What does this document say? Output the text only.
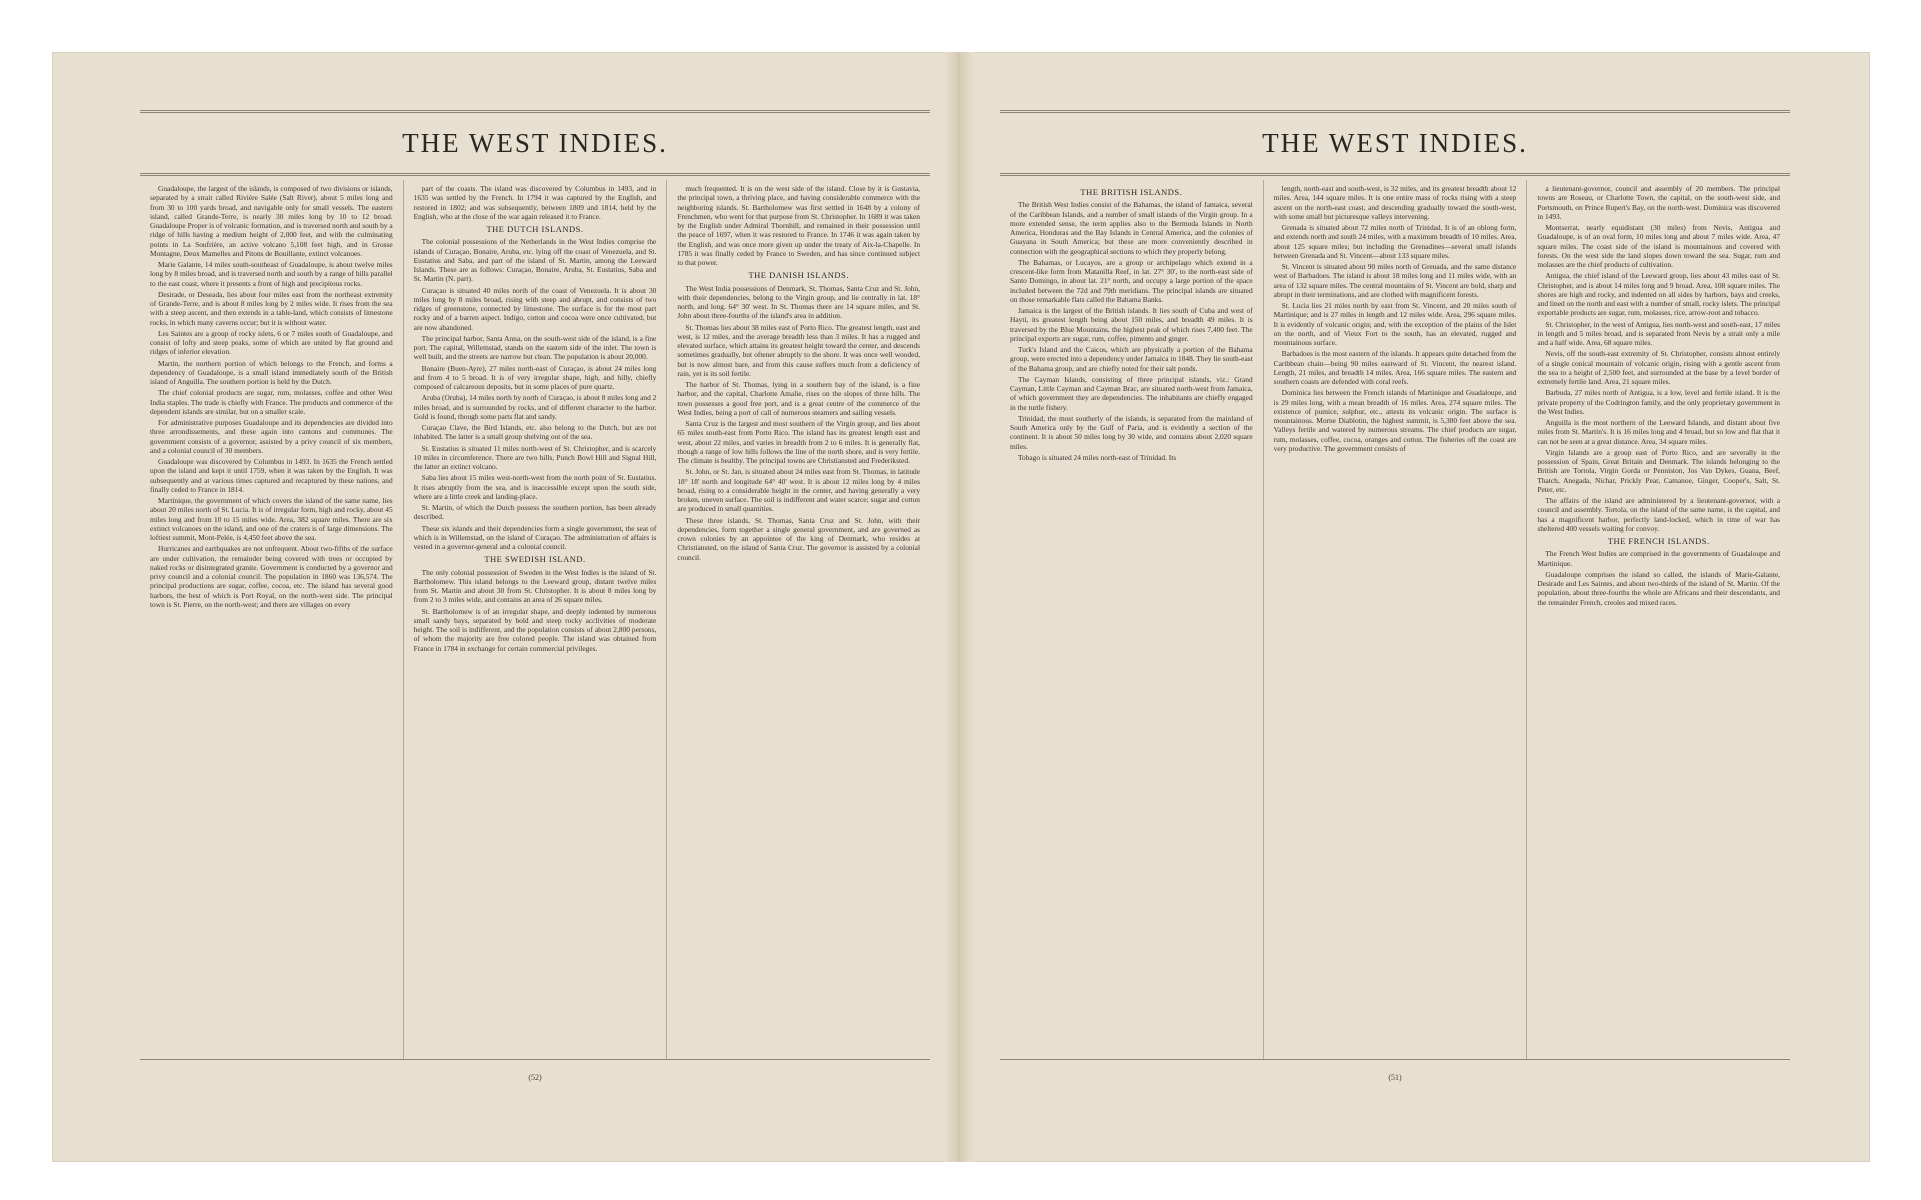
THE WEST INDIES.

Guadaloupe, the largest of the islands, is composed of two divisions or islands, separated by a strait called Rivière Salée (Salt River), about 5 miles long and from 30 to 100 yards broad, and navigable only for small vessels. The eastern island, called Grande-Terre, is nearly 30 miles long by 10 to 12 broad. Guadaloupe Proper is of volcanic formation, and is traversed north and south by a ridge of hills having a medium height of 2,000 feet, and with the culminating points in La Soufrière, an active volcano 5,108 feet high, and in Grosse Montagne, Deux Mamelles and Pitons de Bouillante, extinct volcanoes.

Marie Galante, 14 miles south-southeast of Guadaloupe, is about twelve miles long by 8 miles broad, and is traversed north and south by a range of hills parallel to the east coast, where it presents a front of high and precipitous rocks.

Desirade, or Deseada, lies about four miles east from the northeast extremity of Grande-Terre, and is about 8 miles long by 2 miles wide. It rises from the sea with a steep ascent, and then extends in a table-land, which consists of limestone rocks, in which many caverns occur; but it is without water.

Les Saintes are a group of rocky islets, 6 or 7 miles south of Guadaloupe, and consist of lofty and steep peaks, some of which are united by flat ground and ridges of inferior elevation.

Martin, the northern portion of which belongs to the French, and forms a dependency of Guadaloupe, is a small island immediately south of the British island of Anguilla. The southern portion is held by the Dutch.

The chief colonial products are sugar, rum, molasses, coffee and other West India staples. The trade is chiefly with France. The products and commerce of the dependent islands are similar, but on a smaller scale.

For administrative purposes Guadaloupe and its dependencies are divided into three arrondissements, and these again into cantons and communes. The government consists of a governor, assisted by a privy council of six members, and a colonial council of 30 members.

Guadaloupe was discovered by Columbus in 1493. In 1635 the French settled upon the island and kept it until 1759, when it was taken by the English. It was subsequently and at various times captured and recaptured by these nations, and finally ceded to France in 1814.

Martinique, the government of which covers the island of the same name, lies about 20 miles north of St. Lucia. It is of irregular form, high and rocky, about 45 miles long and from 10 to 15 miles wide. Area, 382 square miles. There are six extinct volcanoes on the island, and one of the craters is of large dimensions. The loftiest summit, Mont-Pelée, is 4,450 feet above the sea.

Hurricanes and earthquakes are not unfrequent. About two-fifths of the surface are under cultivation, the remainder being covered with trees or occupied by naked rocks or disintegrated granite. Government is conducted by a governor and privy council and a colonial council. The population in 1860 was 136,574. The principal productions are sugar, coffee, cocoa, etc. The island has several good harbors, the best of which is Port Royal, on the north-west side. The principal town is St. Pierre, on the north-west; and there are villages on every

part of the coasts. The island was discovered by Columbus in 1493, and in 1635 was settled by the French. In 1794 it was captured by the English, and restored in 1802; and was subsequently, between 1809 and 1814, held by the English, who at the close of the war again released it to France.

THE DUTCH ISLANDS.

The colonial possessions of the Netherlands in the West Indies comprise the islands of Curaçao, Bonaire, Aruba, etc. lying off the coast of Venezuela, and St. Eustatius and Saba, and part of the island of St. Martin, among the Leeward Islands. These are as follows: Curaçao, Bonaire, Aruba, St. Eustatius, Saba and St. Martin (N. part).

Curaçao is situated 40 miles north of the coast of Venezuela. It is about 30 miles long by 8 miles broad, rising with steep and abrupt, and consists of two ridges of greenstone, connected by limestone. The surface is for the most part rocky and of a barren aspect. Indigo, cotton and cocoa were once cultivated, but are now abandoned.

The principal harbor, Santa Anna, on the south-west side of the island, is a fine port. The capital, Willemstad, stands on the eastern side of the inlet. The town is well built, and the streets are narrow but clean. The population is about 20,000.

Bonaire (Buen-Ayre), 27 miles north-east of Curaçao, is about 24 miles long and from 4 to 5 broad. It is of very irregular shape, high, and hilly, chiefly composed of calcareous deposits, but in some places of pure quartz.

Aruba (Oruba), 14 miles north by north of Curaçao, is about 8 miles long and 2 miles broad, and is surrounded by rocks, and of different character to the harbor. Gold is found, though some parts flat and sandy.

Curaçao Clave, the Bird Islands, etc. also belong to the Dutch, but are not inhabited. The latter is a small group shelving out of the sea.

St. Eustatius is situated 11 miles north-west of St. Christopher, and is scarcely 10 miles in circumference. There are two hills, Punch Bowl Hill and Signal Hill, the latter an extinct volcano.

Saba lies about 15 miles west-north-west from the north point of St. Eustatius. It rises abruptly from the sea, and is inaccessible except upon the south side, where are a little creek and landing-place.

St. Martin, of which the Dutch possess the southern portion, has been already described.

These six islands and their dependencies form a single government, the seat of which is in Willemstad, on the island of Curaçao. The administration of affairs is vested in a governor-general and a colonial council.

THE SWEDISH ISLAND.

The only colonial possession of Sweden in the West Indies is the island of St. Bartholomew. This island belongs to the Leeward group, distant twelve miles from St. Martin and about 30 from St. Christopher. It is about 8 miles long by from 2 to 3 miles wide, and contains an area of 26 square miles.

St. Bartholomew is of an irregular shape, and deeply indented by numerous small sandy bays, separated by bold and steep rocky acclivities of moderate height. The soil is indifferent, and the population consists of about 2,800 persons, of whom the majority are free colored people. The island was obtained from France in 1784 in exchange for certain commercial privileges.

much frequented. It is on the west side of the island. Close by it is Gustavia, the principal town, a thriving place, and having considerable commerce with the neighboring islands. St. Bartholomew was first settled in 1648 by a colony of Frenchmen, who went for that purpose from St. Christopher. In 1689 it was taken by the English under Admiral Thornhill, and remained in their possession until the peace of 1697, when it was restored to France. In 1746 it was again taken by the English, and was once more given up under the treaty of Aix-la-Chapelle. In 1785 it was finally ceded by France to Sweden, and has since continued subject to that power.

THE DANISH ISLANDS.

The West India possessions of Denmark, St. Thomas, Santa Cruz and St. John, with their dependencies, belong to the Virgin group, and lie centrally in lat. 18° north, and long. 64° 30' west. In St. Thomas there are 14 square miles, and St. John about three-fourths of the island's area in addition.

St. Thomas lies about 38 miles east of Porto Rico. The greatest length, east and west, is 12 miles, and the average breadth less than 3 miles. It has a rugged and elevated surface, which attains its greatest height toward the center, and descends sometimes gradually, but oftener abruptly to the shore. It was once well wooded, but is now almost bare, and from this cause suffers much from a deficiency of rain, yet is its soil fertile.

The harbor of St. Thomas, lying in a southern bay of the island, is a fine harbor, and the capital, Charlotte Amalie, rises on the slopes of three hills. The town possesses a good free port, and is a great centre of the commerce of the West Indies, being a port of call of numerous steamers and sailing vessels.

Santa Cruz is the largest and most southern of the Virgin group, and lies about 65 miles south-east from Porto Rico. The island has its greatest length east and west, about 22 miles, and varies in breadth from 2 to 6 miles. It is generally flat, though a range of low hills follows the line of the north shore, and is very fertile. The climate is healthy. The principal towns are Christiansted and Frederiksted.

St. John, or St. Jan, is situated about 24 miles east from St. Thomas, in latitude 18° 18' north and longitude 64° 40' west. It is about 12 miles long by 4 miles broad, rising to a considerable height in the center, and having generally a very broken, uneven surface. The soil is indifferent and water scarce; sugar and cotton are produced in small quantities.

These three islands, St. Thomas, Santa Cruz and St. John, with their dependencies, form together a single general government, and are governed as crown colonies by an appointee of the king of Denmark, who resides at Christiansted, on the island of Santa Cruz. The governor is assisted by a colonial council.

(52)
THE WEST INDIES.
THE BRITISH ISLANDS.

The British West Indies consist of the Bahamas, the island of Jamaica, several of the Caribbean Islands, and a number of small islands of the Virgin group. In a more extended sense, the term applies also to the Bermuda Islands in North America, Honduras and the Bay Islands in Central America, and the colonies of Guayana in South America; but these are more conveniently described in connection with the geographical sections to which they properly belong.

The Bahamas, or Lucayos, are a group or archipelago which extend in a crescent-like form from Matanilla Reef, in lat. 27° 30', to the north-east side of Santo Domingo, in about lat. 21° north, and occupy a large portion of the space included between the 72d and 79th meridians. The principal islands are situated on those remarkable flats called the Bahama Banks.

Jamaica is the largest of the British islands. It lies south of Cuba and west of Hayti, its greatest length being about 150 miles, and breadth 49 miles. It is traversed by the Blue Mountains, the highest peak of which rises 7,400 feet. The principal exports are sugar, rum, coffee, pimento and ginger.

Turk's Island and the Caicos, which are physically a portion of the Bahama group, were erected into a dependency under Jamaica in 1848. They lie south-east of the Bahama group, and are chiefly noted for their salt ponds.

The Cayman Islands, consisting of three principal islands, viz.: Grand Cayman, Little Cayman and Cayman Brac, are situated north-west from Jamaica, of which government they are dependencies. The inhabitants are chiefly engaged in the turtle fishery.

Trinidad, the most southerly of the islands, is separated from the mainland of South America only by the Gulf of Paria, and is evidently a section of the continent. It is about 50 miles long by 30 wide, and contains about 2,020 square miles.

Tobago is situated 24 miles north-east of Trinidad. Its

length, north-east and south-west, is 32 miles, and its greatest breadth about 12 miles. Area, 144 square miles. It is one entire mass of rocks rising with a steep ascent on the north-east coast, and descending gradually toward the south-west, with some small but picturesque valleys intervening.

Grenada is situated about 72 miles north of Trinidad. It is of an oblong form, and extends north and south 24 miles, with a maximum breadth of 10 miles. Area, about 125 square miles; but including the Grenadines—several small islands between Grenada and St. Vincent—about 133 square miles.

St. Vincent is situated about 90 miles north of Grenada, and the same distance west of Barbadoes. The island is about 18 miles long and 11 miles wide, with an area of 132 square miles. The central mountains of St. Vincent are bold, sharp and abrupt in their terminations, and are clothed with magnificent forests.

St. Lucia lies 21 miles north by east from St. Vincent, and 20 miles south of Martinique; and is 27 miles in length and 12 miles wide. Area, 296 square miles. It is evidently of volcanic origin; and, with the exception of the plains of the Islet on the north, and of Vieux Fort to the south, has an elevated, rugged and mountainous surface.

Barbadoes is the most eastern of the islands. It appears quite detached from the Caribbean chain—being 90 miles eastward of St. Vincent, the nearest island. Length, 21 miles, and breadth 14 miles. Area, 166 square miles. The eastern and southern coasts are defended with coral reefs.

Dominica lies between the French islands of Martinique and Guadaloupe, and is 29 miles long, with a mean breadth of 16 miles. Area, 274 square miles. The existence of pumice, sulphur, etc., attests its volcanic origin. The surface is mountainous. Morne Diablotin, the highest summit, is 5,300 feet above the sea. Valleys fertile and watered by numerous streams. The chief products are sugar, rum, molasses, coffee, cocoa, oranges and cotton. The fisheries off the coast are very productive. The government consists of

a lieutenant-governor, council and assembly of 20 members. The principal towns are Roseau, or Charlotte Town, the capital, on the south-west side, and Portsmouth, on Prince Rupert's Bay, on the north-west. Dominica was discovered in 1493.

Montserrat, nearly equidistant (30 miles) from Nevis, Antigua and Guadaloupe, is of an oval form, 10 miles long and about 7 miles wide. Area, 47 square miles. The coast side of the island is mountainous and covered with forests. On the west side the land slopes down toward the sea. Sugar, rum and molasses are the chief products of cultivation.

Antigua, the chief island of the Leeward group, lies about 43 miles east of St. Christopher, and is about 14 miles long and 9 broad. Area, 108 square miles. The shores are high and rocky, and indented on all sides by harbors, bays and creeks, and lined on the north and east with a number of small, rocky islets. The principal exportable products are sugar, rum, molasses, rice, arrow-root and tobacco.

St. Christopher, in the west of Antigua, lies north-west and south-east, 17 miles in length and 5 miles broad, and is separated from Nevis by a strait only a mile and a half wide. Area, 68 square miles.

Nevis, off the south-east extremity of St. Christopher, consists almost entirely of a single conical mountain of volcanic origin, rising with a gentle ascent from the sea to a height of 2,500 feet, and surrounded at the base by a level border of extremely fertile land. Area, 21 square miles.

Barbuda, 27 miles north of Antigua, is a low, level and fertile island. It is the private property of the Codrington family, and the only proprietary government in the West Indies.

Anguilla is the most northern of the Leeward Islands, and distant about five miles from St. Martin's. It is 16 miles long and 4 broad, but so low and flat that it can not be seen at a great distance. Area, 34 square miles.

Virgin Islands are a group east of Porto Rico, and are severally in the possession of Spain, Great Britain and Denmark. The islands belonging to the British are Tortola, Virgin Gorda or Penniston, Jos Van Dykes, Guana, Beef, Thatch, Anegada, Nichar, Prickly Pear, Camanoe, Ginger, Cooper's, Salt, St. Peter, etc.

The affairs of the island are administered by a lieutenant-governor, with a council and assembly. Tortola, on the island of the same name, is the capital, and has a magnificent harbor, perfectly land-locked, which in time of war has sheltered 400 vessels waiting for convoy.

THE FRENCH ISLANDS.

The French West Indies are comprised in the governments of Guadaloupe and Martinique.

Guadaloupe comprises the island so called, the islands of Marie-Galante, Desirade and Les Saintes, and about two-thirds of the island of St. Martin. Of the population, about three-fourths the whole are Africans and their descendants, and the remainder French, creoles and mixed races.

(51)
